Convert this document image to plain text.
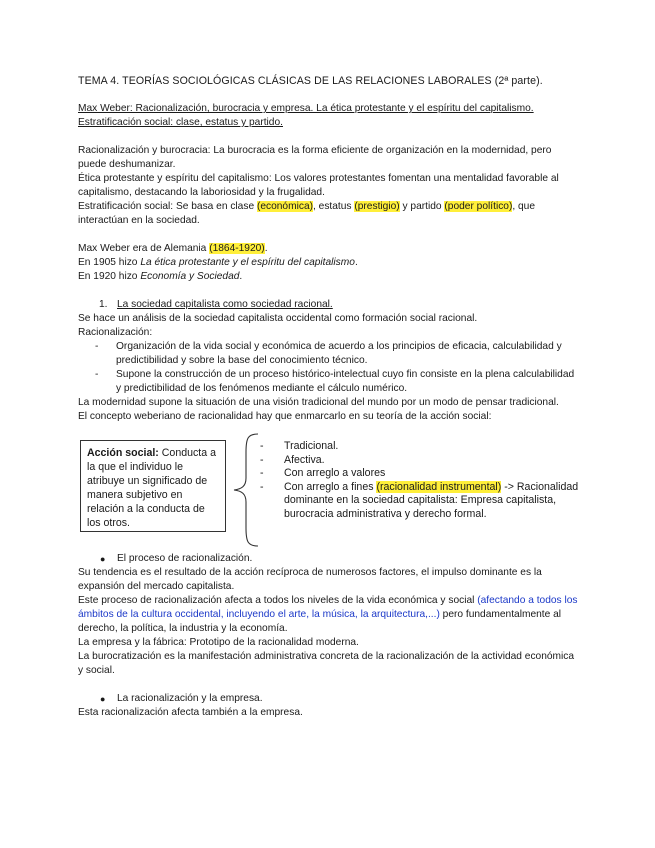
TEMA 4. TEORÍAS SOCIOLÓGICAS CLÁSICAS DE LAS RELACIONES LABORALES (2ª parte).

Max Weber: Racionalización, burocracia y empresa. La ética protestante y el espíritu del capitalismo.

Estratificación social: clase, estatus y partido.

Racionalización y burocracia: La burocracia es la forma eficiente de organización en la modernidad, pero puede deshumanizar.

Ética protestante y espíritu del capitalismo: Los valores protestantes fomentan una mentalidad favorable al capitalismo, destacando la laboriosidad y la frugalidad.

Estratificación social: Se basa en clase (económica), estatus (prestigio) y partido (poder político), que interactúan en la sociedad.

Max Weber era de Alemania (1864-1920).

En 1905 hizo La ética protestante y el espíritu del capitalismo.

En 1920 hizo Economía y Sociedad.

1. La sociedad capitalista como sociedad racional.

Se hace un análisis de la sociedad capitalista occidental como formación social racional.

Racionalización:

- Organización de la vida social y económica de acuerdo a los principios de eficacia, calculabilidad y predictibilidad y sobre la base del conocimiento técnico.

- Supone la construcción de un proceso histórico-intelectual cuyo fin consiste en la plena calculabilidad y predictibilidad de los fenómenos mediante el cálculo numérico.

La modernidad supone la situación de una visión tradicional del mundo por un modo de pensar tradicional.

El concepto weberiano de racionalidad hay que enmarcarlo en su teoría de la acción social:

Acción social: Conducta a la que el individuo le atribuye un significado de manera subjetivo en relación a la conducta de los otros.
- Tradicional.
- Afectiva.
- Con arreglo a valores
- Con arreglo a fines (racionalidad instrumental) -> Racionalidad dominante en la sociedad capitalista: Empresa capitalista, burocracia administrativa y derecho formal.

● El proceso de racionalización.

Su tendencia es el resultado de la acción recíproca de numerosos factores, el impulso dominante es la expansión del mercado capitalista.

Este proceso de racionalización afecta a todos los niveles de la vida económica y social (afectando a todos los ámbitos de la cultura occidental, incluyendo el arte, la música, la arquitectura,...) pero fundamentalmente al derecho, la política, la industria y la economía.

La empresa y la fábrica: Prototipo de la racionalidad moderna.

La burocratización es la manifestación administrativa concreta de la racionalización de la actividad económica y social.

● La racionalización y la empresa.

Esta racionalización afecta también a la empresa.
